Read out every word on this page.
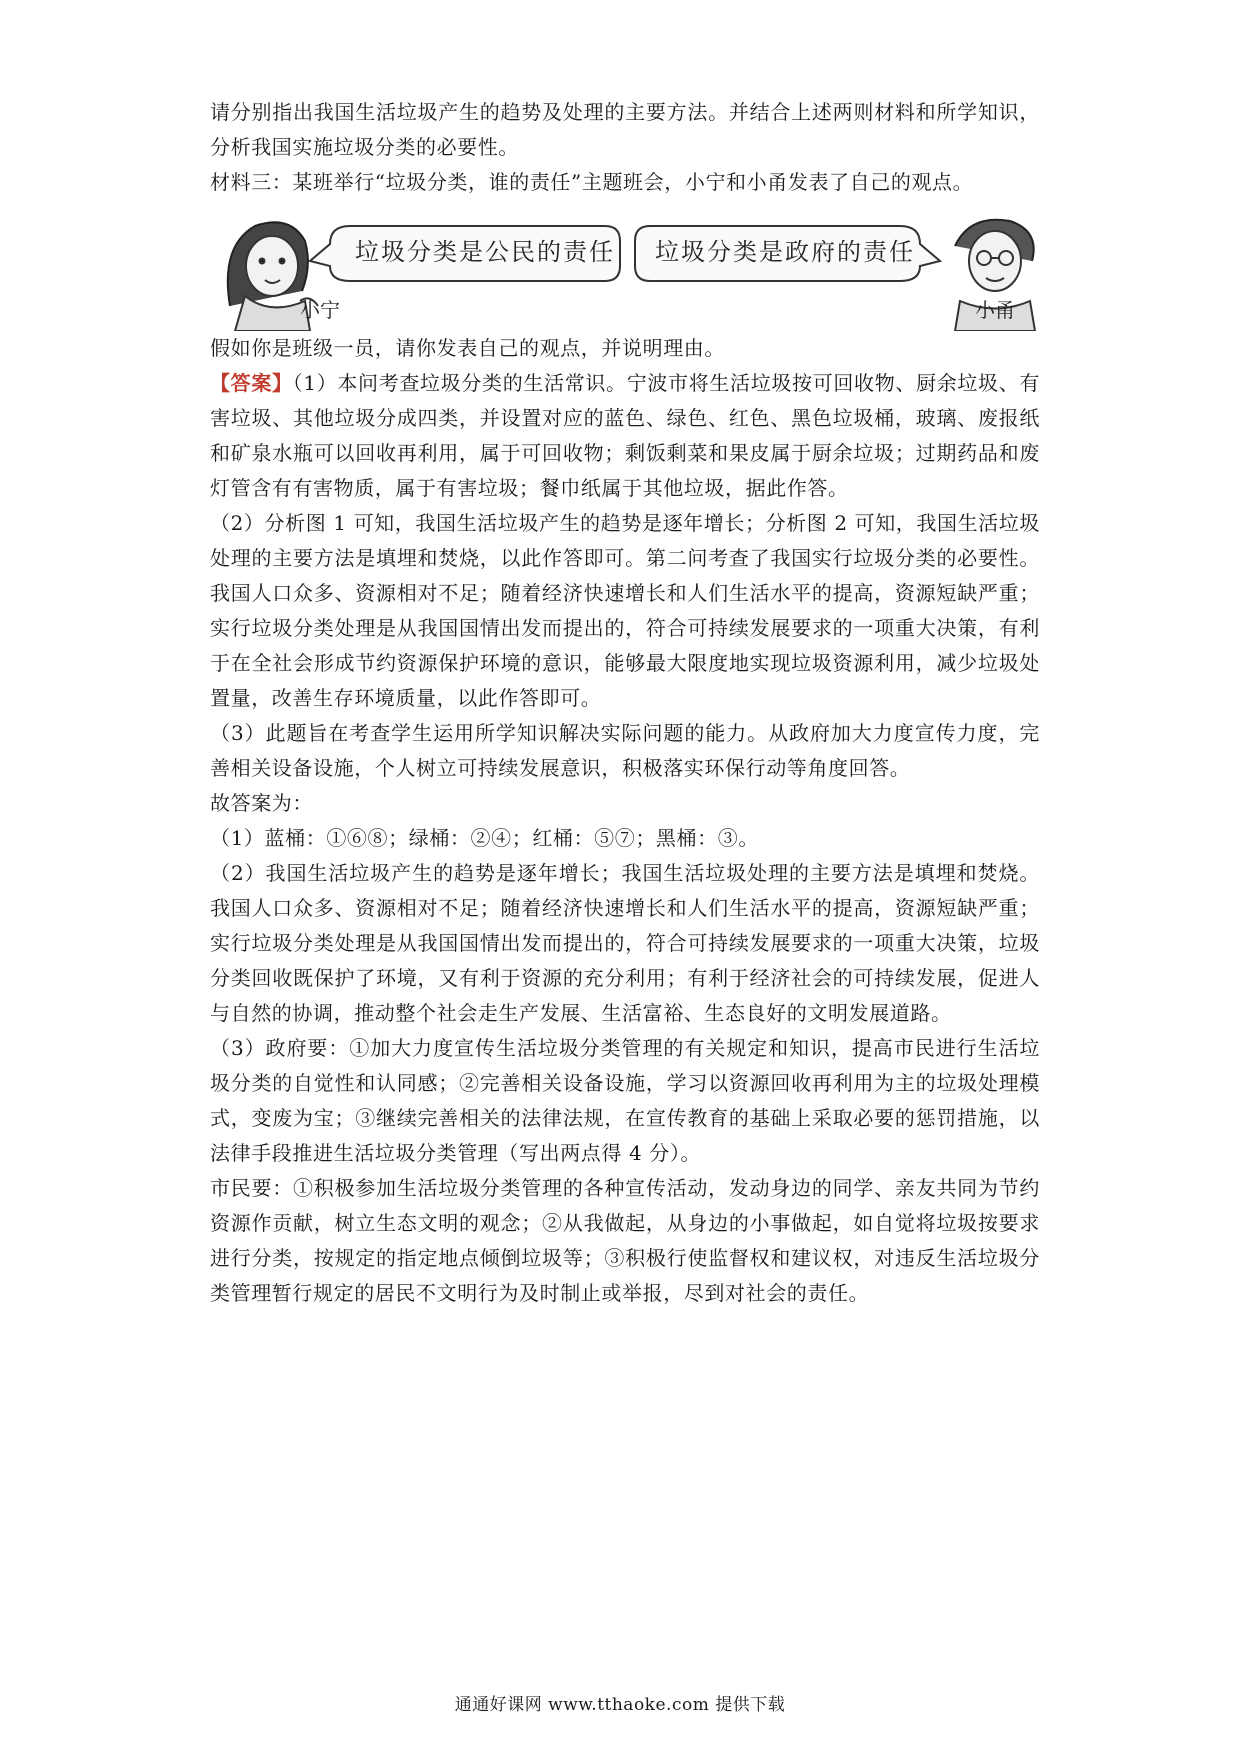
请分别指出我国生活垃圾产生的趋势及处理的主要方法。并结合上述两则材料和所学知识，分析我国实施垃圾分类的必要性。

材料三：某班举行“垃圾分类，谁的责任”主题班会，小宁和小甬发表了自己的观点。

垃圾分类是公民的责任 垃圾分类是政府的责任
小宁	小甬

假如你是班级一员，请你发表自己的观点，并说明理由。

【答案】（1）本问考查垃圾分类的生活常识。宁波市将生活垃圾按可回收物、厨余垃圾、有害垃圾、其他垃圾分成四类，并设置对应的蓝色、绿色、红色、黑色垃圾桶，玻璃、废报纸和矿泉水瓶可以回收再利用，属于可回收物；剩饭剩菜和果皮属于厨余垃圾；过期药品和废灯管含有有害物质，属于有害垃圾；餐巾纸属于其他垃圾，据此作答。

（2）分析图 1 可知，我国生活垃圾产生的趋势是逐年增长；分析图 2 可知，我国生活垃圾处理的主要方法是填埋和焚烧，以此作答即可。第二问考查了我国实行垃圾分类的必要性。我国人口众多、资源相对不足；随着经济快速增长和人们生活水平的提高，资源短缺严重；实行垃圾分类处理是从我国国情出发而提出的，符合可持续发展要求的一项重大决策，有利于在全社会形成节约资源保护环境的意识，能够最大限度地实现垃圾资源利用，减少垃圾处置量，改善生存环境质量，以此作答即可。

（3）此题旨在考查学生运用所学知识解决实际问题的能力。从政府加大力度宣传力度，完善相关设备设施，个人树立可持续发展意识，积极落实环保行动等角度回答。

故答案为：

（1）蓝桶：①⑥⑧；绿桶：②④；红桶：⑤⑦；黑桶：③。

（2）我国生活垃圾产生的趋势是逐年增长；我国生活垃圾处理的主要方法是填埋和焚烧。我国人口众多、资源相对不足；随着经济快速增长和人们生活水平的提高，资源短缺严重；实行垃圾分类处理是从我国国情出发而提出的，符合可持续发展要求的一项重大决策，垃圾分类回收既保护了环境，又有利于资源的充分利用；有利于经济社会的可持续发展，促进人与自然的协调，推动整个社会走生产发展、生活富裕、生态良好的文明发展道路。

（3）政府要：①加大力度宣传生活垃圾分类管理的有关规定和知识，提高市民进行生活垃圾分类的自觉性和认同感；②完善相关设备设施，学习以资源回收再利用为主的垃圾处理模式，变废为宝；③继续完善相关的法律法规，在宣传教育的基础上采取必要的惩罚措施，以法律手段推进生活垃圾分类管理（写出两点得 4 分）。

市民要：①积极参加生活垃圾分类管理的各种宣传活动，发动身边的同学、亲友共同为节约资源作贡献，树立生态文明的观念；②从我做起，从身边的小事做起，如自觉将垃圾按要求进行分类，按规定的指定地点倾倒垃圾等；③积极行使监督权和建议权，对违反生活垃圾分类管理暂行规定的居民不文明行为及时制止或举报，尽到对社会的责任。

通通好课网 www.tthaoke.com 提供下载
